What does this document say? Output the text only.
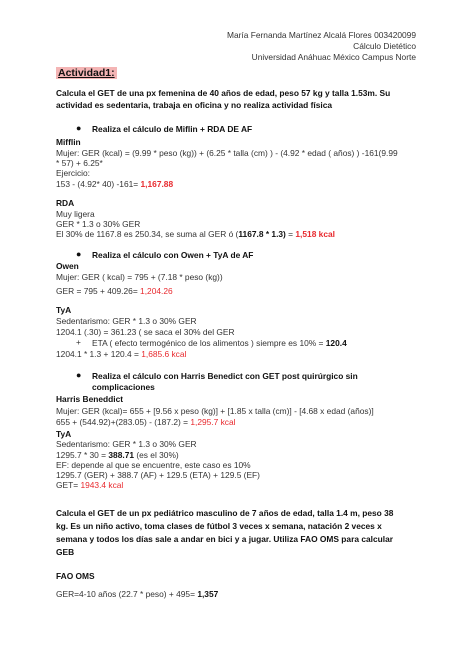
María Fernanda Martínez Alcalá Flores 003420099
Cálculo Dietético
Universidad Anáhuac México Campus Norte
Actividad1:
Calcula el GET de una px femenina de 40 años de edad, peso 57 kg y talla 1.53m. Su
actividad es sedentaria, trabaja en oficina y no realiza actividad física
● Realiza el cálculo de Miflin + RDA DE AF
Mifflin
Mujer: GER (kcal) = (9.99 * peso (kg)) + (6.25 * talla (cm) ) - (4.92 * edad ( años) ) -161(9.99
* 57) + 6.25*
Ejercicio:
153 - (4.92* 40) -161= 1,167.88
RDA
Muy ligera
GER * 1.3 o 30% GER
El 30% de 1167.8 es 250.34, se suma al GER ó (1167.8 * 1.3) = 1,518 kcal
● Realiza el cálculo con Owen + TyA de AF
Owen
Mujer: GER ( kcal) = 795 + (7.18 * peso (kg))
GER = 795 + 409.26= 1,204.26
TyA
Sedentarismo: GER * 1.3 o 30% GER
1204.1 (.30) = 361.23 ( se saca el 30% del GER
+ ETA ( efecto termogénico de los alimentos ) siempre es 10% = 120.4
1204.1 * 1.3 + 120.4 = 1,685.6 kcal
● Realiza el cálculo con Harris Benedict con GET post quirúrgico sin
complicaciones
Harris Beneddict
Mujer: GER (kcal)= 655 + [9.56 x peso (kg)] + [1.85 x talla (cm)] - [4.68 x edad (años)]
655 + (544.92)+(283.05) - (187.2) = 1,295.7 kcal
TyA
Sedentarismo: GER * 1.3 o 30% GER
1295.7 * 30 = 388.71 (es el 30%)
EF: depende al que se encuentre, este caso es 10%
1295.7 (GER) + 388.7 (AF) + 129.5 (ETA) + 129.5 (EF)
GET= 1943.4 kcal
Calcula el GET de un px pediátrico masculino de 7 años de edad, talla 1.4 m, peso 38
kg. Es un niño activo, toma clases de fútbol 3 veces x semana, natación 2 veces x
semana y todos los días sale a andar en bici y a jugar. Utiliza FAO OMS para calcular
GEB
FAO OMS
GER=4-10 años (22.7 * peso) + 495= 1,357
